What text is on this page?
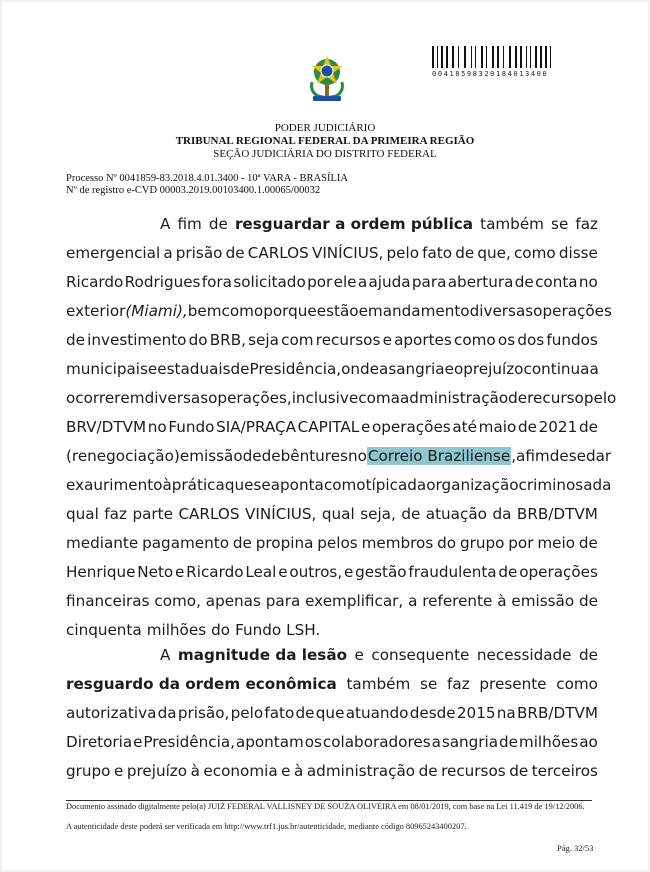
00418598320184013400
PODER JUDICIÁRIO
TRIBUNAL REGIONAL FEDERAL DA PRIMEIRA REGIÃO
SEÇÃO JUDICIÁRIA DO DISTRITO FEDERAL
Processo Nº 0041859-83.2018.4.01.3400 - 10ª VARA - BRASÍLIA
Nº de registro e-CVD 00003.2019.00103400.1.00065/00032
A fim de resguardar a ordem pública também se faz
emergencial a prisão de CARLOS VINÍCIUS, pelo fato de que, como disse
Ricardo Rodrigues fora solicitado por ele a ajuda para abertura de conta no
exterior (Miami), bem como porque estão em andamento diversas operações
de investimento do BRB, seja com recursos e aportes como os dos fundos
municipais e estaduais de Presidência, onde a sangria e o prejuízo continua a
ocorrer em diversas operações, inclusive com a administração de recurso pelo
BRV/DTVM no Fundo SIA/PRAÇA CAPITAL e operações até maio de 2021 de
(renegociação) emissão de debêntures no Correio Braziliense, a fim de se dar
exaurimento à prática que se aponta como típica da organização criminosa da
qual faz parte CARLOS VINÍCIUS, qual seja, de atuação da BRB/DTVM
mediante pagamento de propina pelos membros do grupo por meio de
Henrique Neto e Ricardo Leal e outros, e gestão fraudulenta de operações
financeiras como, apenas para exemplificar, a referente à emissão de
cinquenta milhões do Fundo LSH.
A magnitude da lesão e consequente necessidade de
resguardo da ordem econômica também se faz presente como
autorizativa da prisão, pelo fato de que atuando desde 2015 na BRB/DTVM
Diretoria e Presidência, apontam os colaboradores a sangria de milhões ao
grupo e prejuízo à economia e à administração de recursos de terceiros
Documento assinado digitalmente pelo(a) JUIZ FEDERAL VALLISNEY DE SOUZA OLIVEIRA em 08/01/2019, com base na Lei 11.419 de 19/12/2006.
A autenticidade deste poderá ser verificada em http://www.trf1.jus.br/autenticidade, mediante código 80965243400207.
Pág. 32/53
